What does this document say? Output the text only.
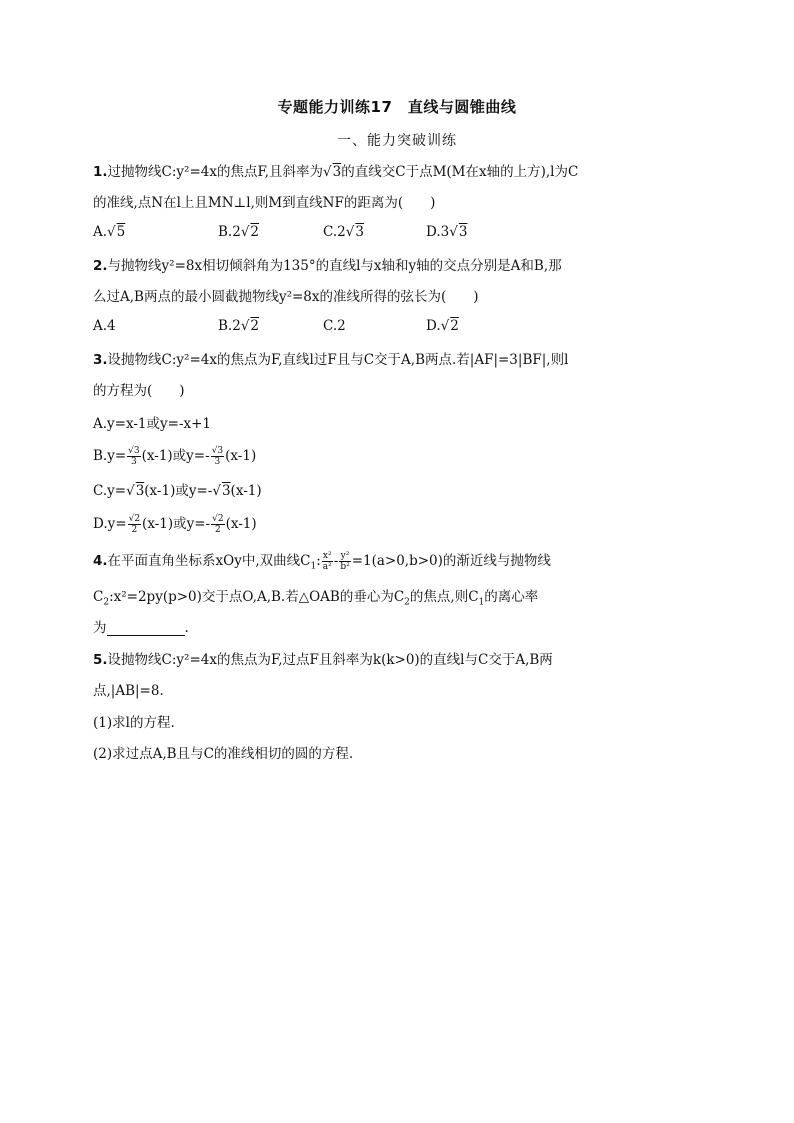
专题能力训练17　直线与圆锥曲线
一、能力突破训练
1.过抛物线C:y²=4x的焦点F,且斜率为√3的直线交C于点M(M在x轴的上方),l为C
的准线,点N在l上且MN⊥l,则M到直线NF的距离为(　　)
A.√5	B.2√2	C.2√3	D.3√3
2.与抛物线y²=8x相切倾斜角为135°的直线l与x轴和y轴的交点分别是A和B,那
么过A,B两点的最小圆截抛物线y²=8x的准线所得的弦长为(　　)
A.4	B.2√2	C.2	D.√2
3.设抛物线C:y²=4x的焦点为F,直线l过F且与C交于A,B两点.若|AF|=3|BF|,则l
的方程为(　　)
A.y=x-1或y=-x+1
$B.y= \frac{√3}{3} (x-1)$或$y=- \frac{√3}{3} (x-1)$
C.y=√3(x-1)或y=-√3(x-1)
$D.y= \frac{√2}{2} (x-1)$或$y=- \frac{√2}{2} (x-1)$
4.在平面直角坐标系xOy中,双曲线$C_1$: $\frac{\text{x²}}{\text{a²}} - \frac{\text{y²}}{\text{b²}} =1(a>0,b>0)$的渐近线与抛物线
$C_2:x^2=2py(p>0)$交于点O,A,B.若△OAB的垂心为$C_2$的焦点,则$C_1$的离心率
为	.
5.设抛物线C:y²=4x的焦点为F,过点F且斜率为k(k>0)的直线l与C交于A,B两
点,|AB|=8.
(1)求l的方程.
(2)求过点A,B且与C的准线相切的圆的方程.
